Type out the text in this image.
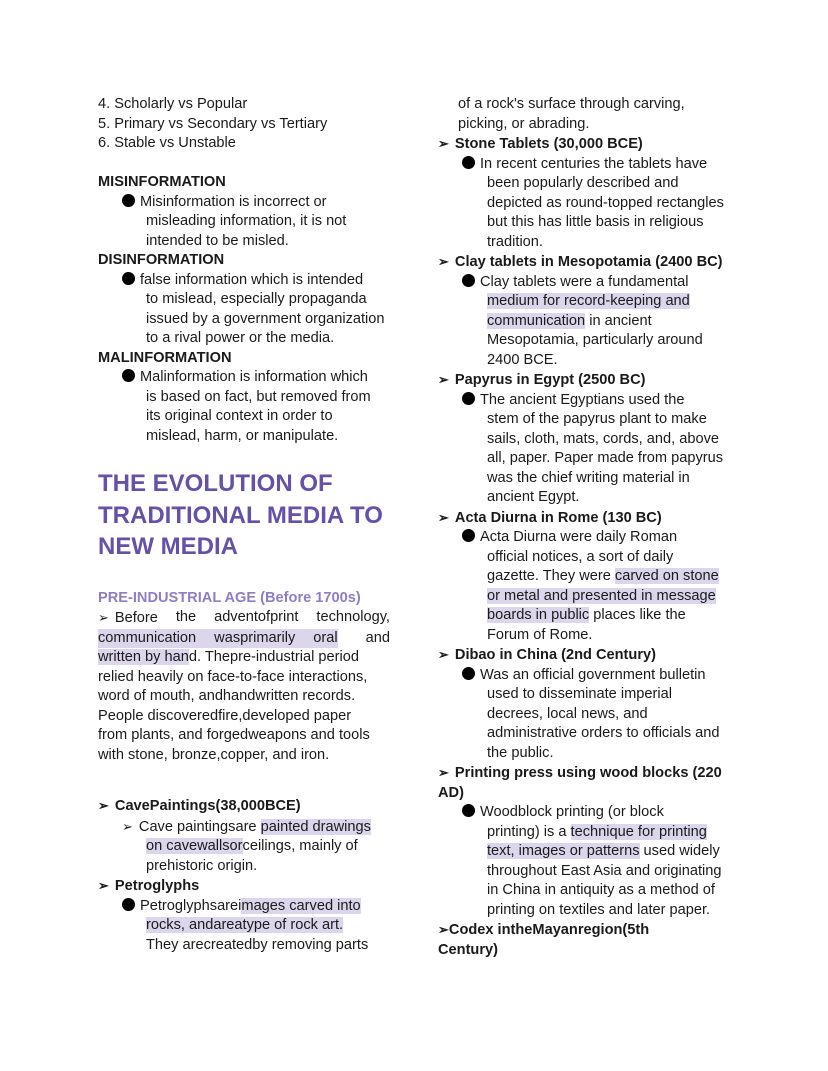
4. Scholarly vs Popular
5. Primary vs Secondary vs Tertiary
6. Stable vs Unstable
MISINFORMATION
Misinformation is incorrect or
misleading information, it is not
intended to be misled.
DISINFORMATION
false information which is intended
to mislead, especially propaganda
issued by a government organization
to a rival power or the media.
MALINFORMATION
Malinformation is information which
is based on fact, but removed from
its original context in order to
mislead, harm, or manipulate.
THE EVOLUTION OF
TRADITIONAL MEDIA TO
NEW MEDIA
PRE-INDUSTRIAL AGE (Before 1700s)
➢ Before the adventofprint technology,
communication wasprimarily oral and
written by hand. Thepre-industrial period
relied heavily on face-to-face interactions,
word of mouth, andhandwritten records.
People discoveredfire,developed paper
from plants, and forgedweapons and tools
with stone, bronze,copper, and iron.
➢ CavePaintings(38,000BCE)
➢ Cave paintingsare painted drawings
on cavewallsorceilings, mainly of
prehistoric origin.
➢ Petroglyphs
Petroglyphsareimages carved into
rocks, andareatype of rock art.
They arecreatedby removing parts
of a rock's surface through carving,
picking, or abrading.
➢ Stone Tablets (30,000 BCE)
In recent centuries the tablets have
been popularly described and
depicted as round-topped rectangles
but this has little basis in religious
tradition.
➢ Clay tablets in Mesopotamia (2400 BC)
Clay tablets were a fundamental
medium for record-keeping and
communication in ancient
Mesopotamia, particularly around
2400 BCE.
➢ Papyrus in Egypt (2500 BC)
The ancient Egyptians used the
stem of the papyrus plant to make
sails, cloth, mats, cords, and, above
all, paper. Paper made from papyrus
was the chief writing material in
ancient Egypt.
➢ Acta Diurna in Rome (130 BC)
Acta Diurna were daily Roman
official notices, a sort of daily
gazette. They were carved on stone
or metal and presented in message
boards in public places like the
Forum of Rome.
➢ Dibao in China (2nd Century)
Was an official government bulletin
used to disseminate imperial
decrees, local news, and
administrative orders to officials and
the public.
➢ Printing press using wood blocks (220
AD)
Woodblock printing (or block
printing) is a technique for printing
text, images or patterns used widely
throughout East Asia and originating
in China in antiquity as a method of
printing on textiles and later paper.
➢Codex intheMayanregion(5th
Century)
